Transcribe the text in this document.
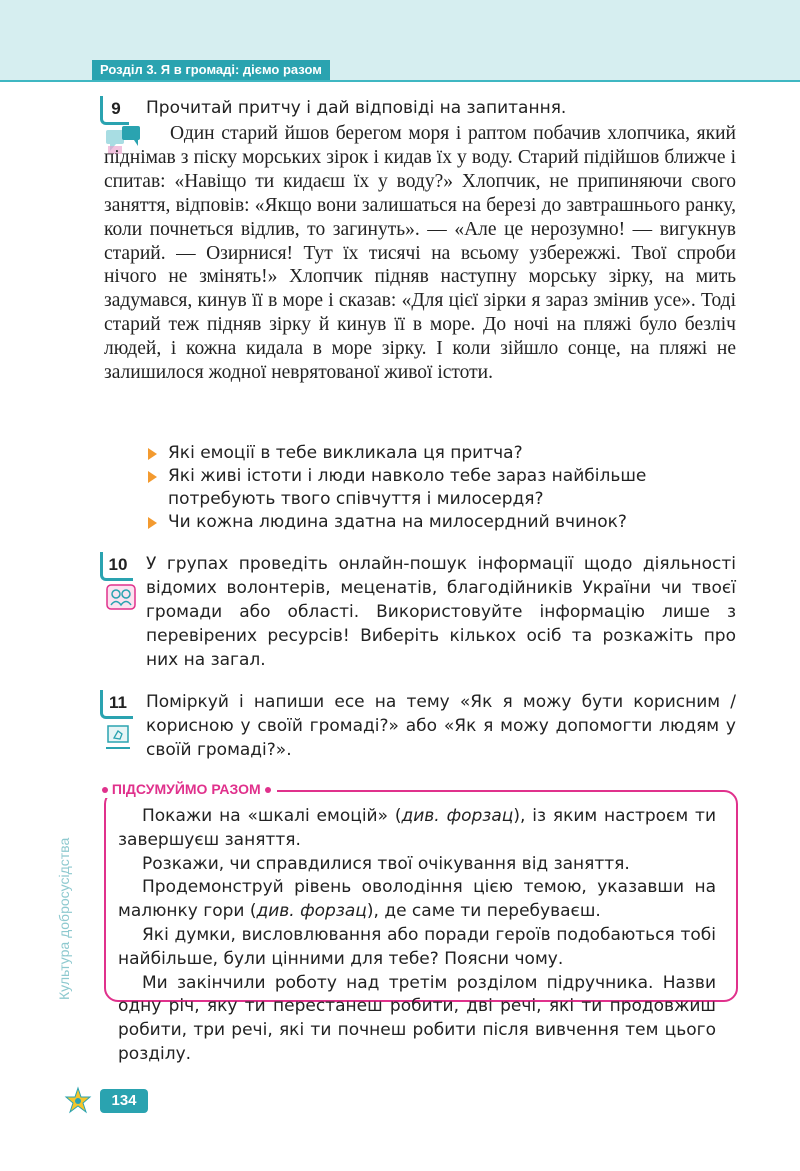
Розділ 3. Я в громаді: діємо разом
9	Прочитай притчу і дай відповіді на запитання.
Один старий йшов берегом моря і раптом побачив хлопчика, який піднімав з піску морських зірок і кидав їх у воду. Старий підійшов ближче і спитав: «Навіщо ти кидаєш їх у воду?» Хлопчик, не припиняючи свого заняття, відповів: «Якщо вони залишаться на березі до завтрашнього ранку, коли почнеться відлив, то загинуть». — «Але це нерозумно! — вигукнув старий. — Озирнися! Тут їх тисячі на всьому узбережжі. Твої спроби нічого не змінять!» Хлопчик підняв наступну морську зірку, на мить задумався, кинув її в море і сказав: «Для цієї зірки я зараз змінив усе». Тоді старий теж підняв зірку й кинув її в море. До ночі на пляжі було безліч людей, і кожна кидала в море зірку. І коли зійшло сонце, на пляжі не залишилося жодної неврятованої живої істоти.
Які емоції в тебе викликала ця притча?
Які живі істоти і люди навколо тебе зараз найбільше потребують твого співчуття і милосердя?
Чи кожна людина здатна на милосердний вчинок?
10	У групах проведіть онлайн-пошук інформації щодо діяльності відомих волонтерів, меценатів, благодійників України чи твоєї громади або області. Використовуйте інформацію лише з перевірених ресурсів! Виберіть кількох осіб та розкажіть про них на загал.
11	Поміркуй і напиши есе на тему «Як я можу бути корисним / корисною у своїй громаді?» або «Як я можу допомогти людям у своїй громаді?».
ПІДСУМУЙМО РАЗОМ

Покажи на «шкалі емоцій» (див. форзац), із яким настроєм ти завершуєш заняття.

Розкажи, чи справдилися твої очікування від заняття.

Продемонструй рівень оволодіння цією темою, указавши на малюнку гори (див. форзац), де саме ти перебуваєш.

Які думки, висловлювання або поради героїв подобаються тобі найбільше, були цінними для тебе? Поясни чому.

Ми закінчили роботу над третім розділом підручника. Назви одну річ, яку ти перестанеш робити, дві речі, які ти продовжиш робити, три речі, які ти почнеш робити після вивчення тем цього розділу.

Культура добросусідства
134
